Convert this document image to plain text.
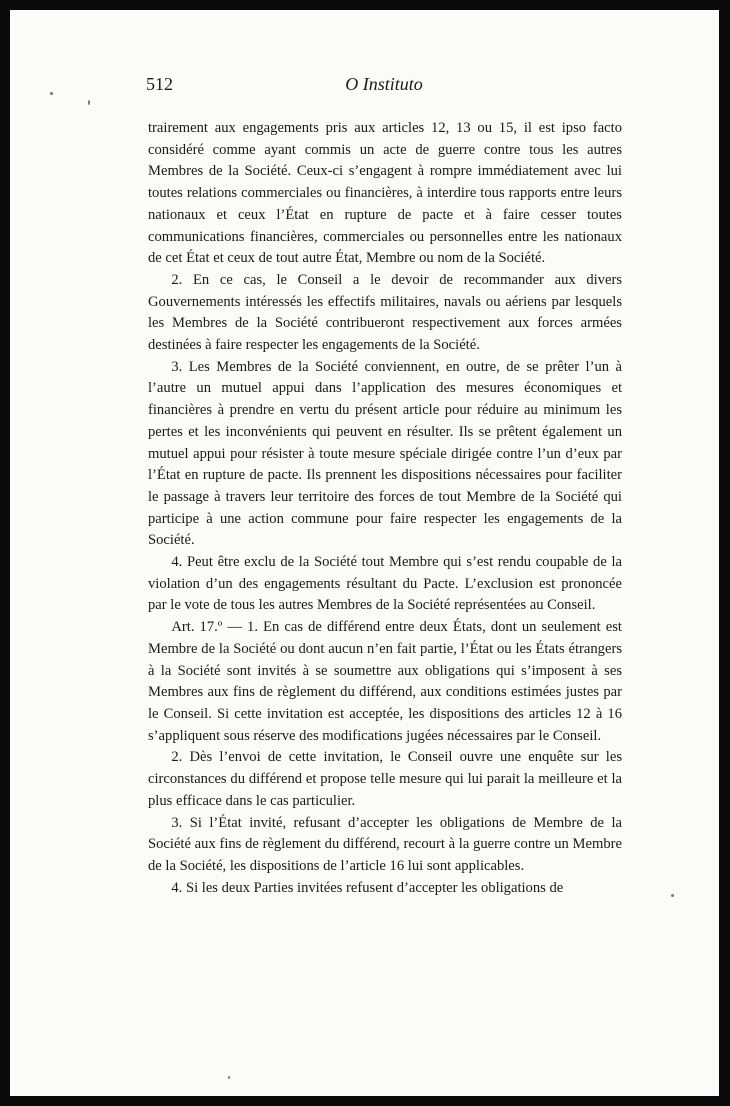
512	O Instituto

trairement aux engagements pris aux articles 12, 13 ou 15, il est ipso facto considéré comme ayant commis un acte de guerre contre tous les autres Membres de la Société. Ceux-ci s’engagent à rompre immédiatement avec lui toutes relations commerciales ou financières, à interdire tous rapports entre leurs nationaux et ceux l’État en rupture de pacte et à faire cesser toutes communications financières, commerciales ou personnelles entre les nationaux de cet État et ceux de tout autre État, Membre ou nom de la Société.

2. En ce cas, le Conseil a le devoir de recommander aux divers Gouvernements intéressés les effectifs militaires, navals ou aériens par lesquels les Membres de la Société contribueront respectivement aux forces armées destinées à faire respecter les engagements de la Société.

3. Les Membres de la Société conviennent, en outre, de se prêter l’un à l’autre un mutuel appui dans l’application des mesures économiques et financières à prendre en vertu du présent article pour réduire au minimum les pertes et les inconvénients qui peuvent en résulter. Ils se prêtent également un mutuel appui pour résister à toute mesure spéciale dirigée contre l’un d’eux par l’État en rupture de pacte. Ils prennent les dispositions nécessaires pour faciliter le passage à travers leur territoire des forces de tout Membre de la Société qui participe à une action commune pour faire respecter les engagements de la Société.

4. Peut être exclu de la Société tout Membre qui s’est rendu coupable de la violation d’un des engagements résultant du Pacte. L’exclusion est prononcée par le vote de tous les autres Membres de la Société représentées au Conseil.

Art. 17.º — 1. En cas de différend entre deux États, dont un seulement est Membre de la Société ou dont aucun n’en fait partie, l’État ou les États étrangers à la Société sont invités à se soumettre aux obligations qui s’imposent à ses Membres aux fins de règlement du différend, aux conditions estimées justes par le Conseil. Si cette invitation est acceptée, les dispositions des articles 12 à 16 s’appliquent sous réserve des modifications jugées nécessaires par le Conseil.

2. Dès l’envoi de cette invitation, le Conseil ouvre une enquête sur les circonstances du différend et propose telle mesure qui lui parait la meilleure et la plus efficace dans le cas particulier.

3. Si l’État invité, refusant d’accepter les obligations de Membre de la Société aux fins de règlement du différend, recourt à la guerre contre un Membre de la Société, les dispositions de l’article 16 lui sont applicables.

4. Si les deux Parties invitées refusent d’accepter les obligations de
